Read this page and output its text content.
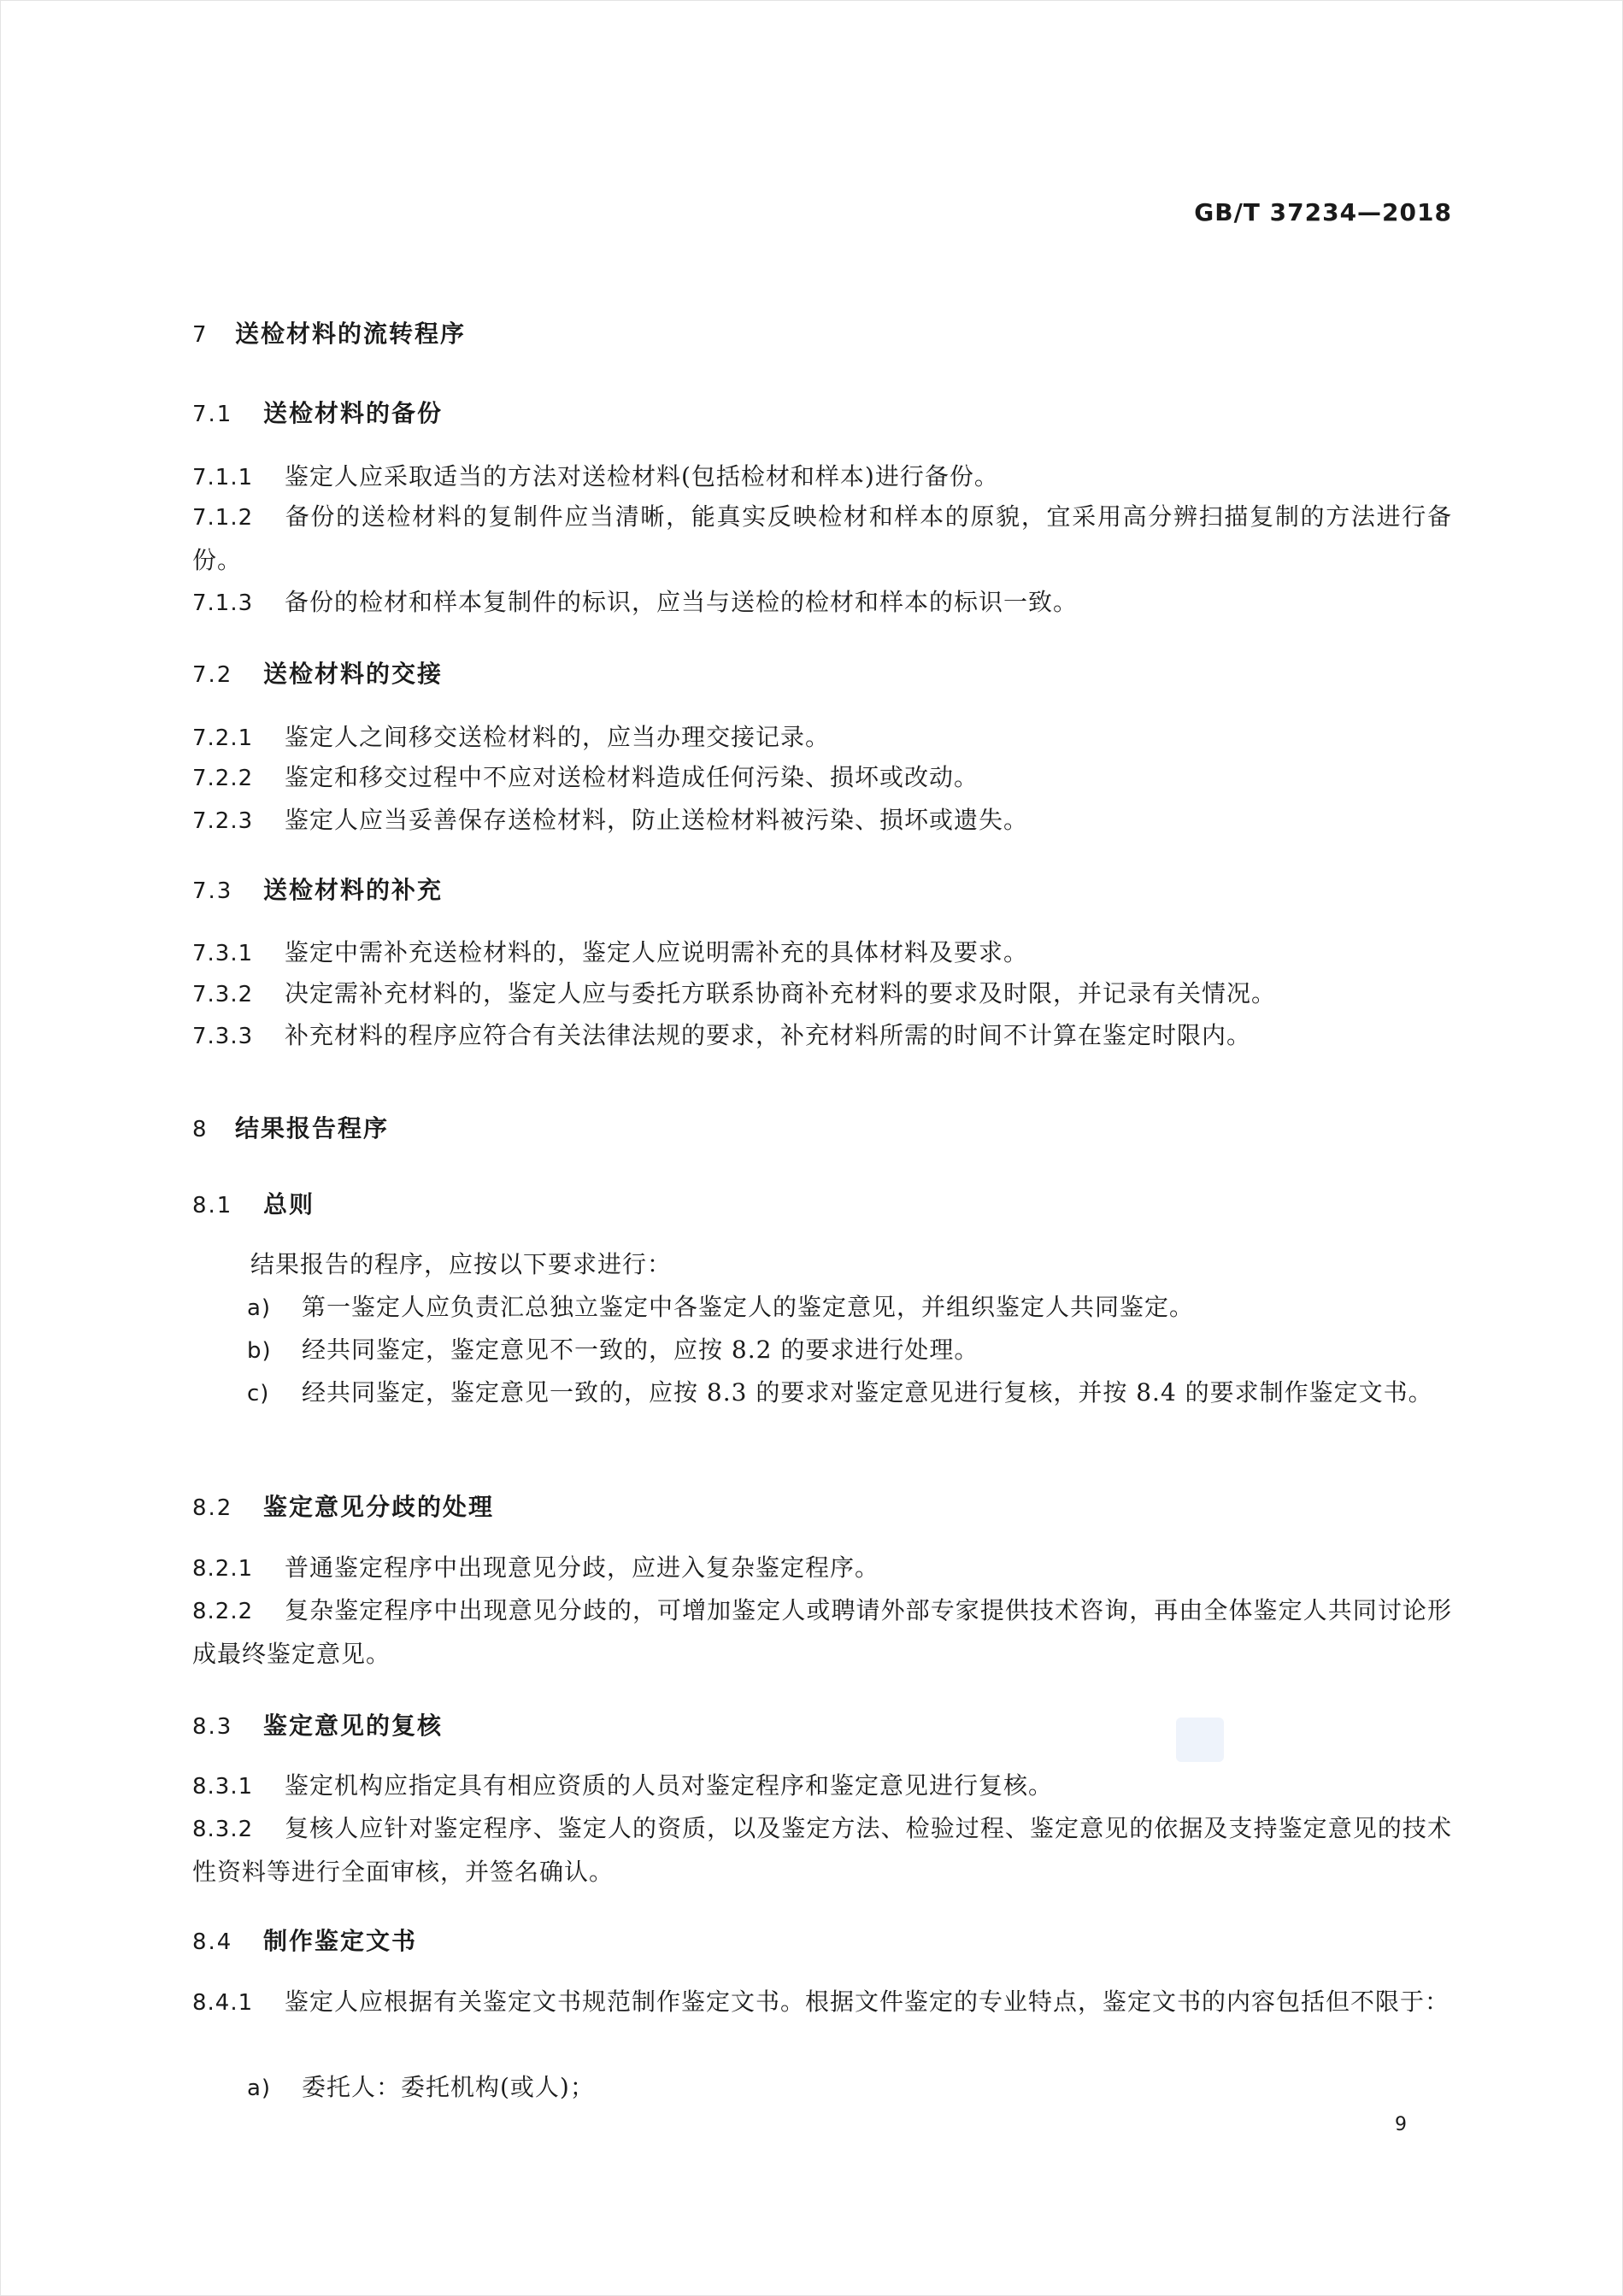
GB/T 37234—2018
7 送检材料的流转程序
7.1 送检材料的备份
7.1.1 鉴定人应采取适当的方法对送检材料(包括检材和样本)进行备份。
7.1.2 备份的送检材料的复制件应当清晰，能真实反映检材和样本的原貌，宜采用高分辨扫描复制的方法进行备份。
7.1.3 备份的检材和样本复制件的标识，应当与送检的检材和样本的标识一致。
7.2 送检材料的交接
7.2.1 鉴定人之间移交送检材料的，应当办理交接记录。
7.2.2 鉴定和移交过程中不应对送检材料造成任何污染、损坏或改动。
7.2.3 鉴定人应当妥善保存送检材料，防止送检材料被污染、损坏或遗失。
7.3 送检材料的补充
7.3.1 鉴定中需补充送检材料的，鉴定人应说明需补充的具体材料及要求。
7.3.2 决定需补充材料的，鉴定人应与委托方联系协商补充材料的要求及时限，并记录有关情况。
7.3.3 补充材料的程序应符合有关法律法规的要求，补充材料所需的时间不计算在鉴定时限内。
8 结果报告程序
8.1 总则
结果报告的程序，应按以下要求进行：
a) 第一鉴定人应负责汇总独立鉴定中各鉴定人的鉴定意见，并组织鉴定人共同鉴定。
b) 经共同鉴定，鉴定意见不一致的，应按 8.2 的要求进行处理。
c) 经共同鉴定，鉴定意见一致的，应按 8.3 的要求对鉴定意见进行复核，并按 8.4 的要求制作鉴定文书。
8.2 鉴定意见分歧的处理
8.2.1 普通鉴定程序中出现意见分歧，应进入复杂鉴定程序。
8.2.2 复杂鉴定程序中出现意见分歧的，可增加鉴定人或聘请外部专家提供技术咨询，再由全体鉴定人共同讨论形成最终鉴定意见。
8.3 鉴定意见的复核
8.3.1 鉴定机构应指定具有相应资质的人员对鉴定程序和鉴定意见进行复核。
8.3.2 复核人应针对鉴定程序、鉴定人的资质，以及鉴定方法、检验过程、鉴定意见的依据及支持鉴定意见的技术性资料等进行全面审核，并签名确认。
8.4 制作鉴定文书
8.4.1 鉴定人应根据有关鉴定文书规范制作鉴定文书。根据文件鉴定的专业特点，鉴定文书的内容包括但不限于：
a) 委托人：委托机构(或人)；
9
